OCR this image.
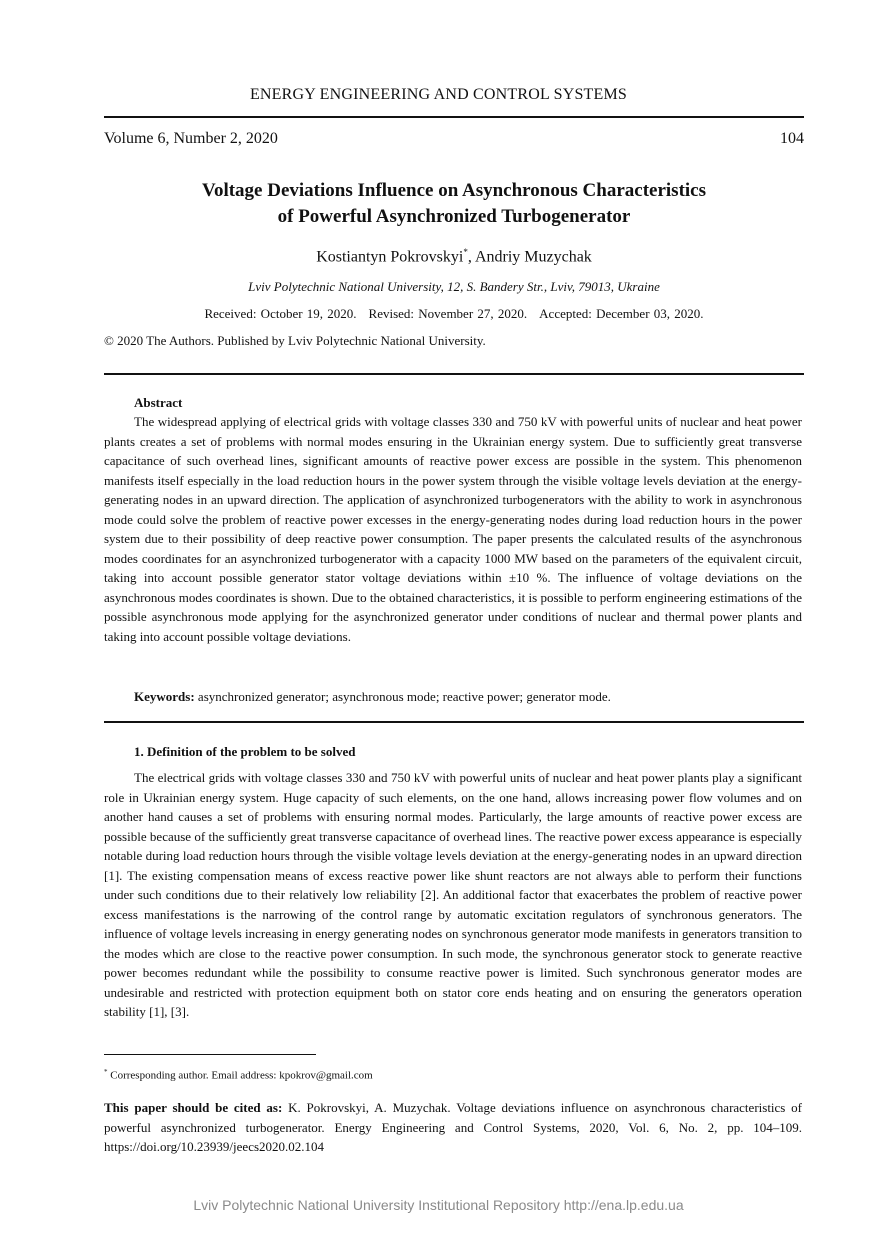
ENERGY ENGINEERING AND CONTROL SYSTEMS
Volume 6, Number 2, 2020	104
Voltage Deviations Influence on Asynchronous Characteristics
of Powerful Asynchronized Turbogenerator
Kostiantyn Pokrovskyi*, Andriy Muzychak
Lviv Polytechnic National University, 12, S. Bandery Str., Lviv, 79013, Ukraine
Received: October 19, 2020. Revised: November 27, 2020. Accepted: December 03, 2020.
© 2020 The Authors. Published by Lviv Polytechnic National University.
Abstract

The widespread applying of electrical grids with voltage classes 330 and 750 kV with powerful units of nuclear and heat power plants creates a set of problems with normal modes ensuring in the Ukrainian energy system. Due to sufficiently great transverse capacitance of such overhead lines, significant amounts of reactive power excess are possible in the system. This phenomenon manifests itself especially in the load reduction hours in the power system through the visible voltage levels deviation at the energy-generating nodes in an upward direction. The application of asynchronized turbogenerators with the ability to work in asynchronous mode could solve the problem of reactive power excesses in the energy-generating nodes during load reduction hours in the power system due to their possibility of deep reactive power consumption. The paper presents the calculated results of the asynchronous modes coordinates for an asynchronized turbogenerator with a capacity 1000 MW based on the parameters of the equivalent circuit, taking into account possible generator stator voltage deviations within ±10 %. The influence of voltage deviations on the asynchronous modes coordinates is shown. Due to the obtained characteristics, it is possible to perform engineering estimations of the possible asynchronous mode applying for the asynchronized generator under conditions of nuclear and thermal power plants and taking into account possible voltage deviations.

Keywords: asynchronized generator; asynchronous mode; reactive power; generator mode.
1. Definition of the problem to be solved

The electrical grids with voltage classes 330 and 750 kV with powerful units of nuclear and heat power plants play a significant role in Ukrainian energy system. Huge capacity of such elements, on the one hand, allows increasing power flow volumes and on another hand causes a set of problems with ensuring normal modes. Particularly, the large amounts of reactive power excess are possible because of the sufficiently great transverse capacitance of overhead lines. The reactive power excess appearance is especially notable during load reduction hours through the visible voltage levels deviation at the energy-generating nodes in an upward direction [1]. The existing compensation means of excess reactive power like shunt reactors are not always able to perform their functions under such conditions due to their relatively low reliability [2]. An additional factor that exacerbates the problem of reactive power excess manifestations is the narrowing of the control range by automatic excitation regulators of synchronous generators. The influence of voltage levels increasing in energy generating nodes on synchronous generator mode manifests in generators transition to the modes which are close to the reactive power consumption. In such mode, the synchronous generator stock to generate reactive power becomes redundant while the possibility to consume reactive power is limited. Such synchronous generator modes are undesirable and restricted with protection equipment both on stator core ends heating and on ensuring the generators operation stability [1], [3].

* Corresponding author. Email address: kpokrov@gmail.com

This paper should be cited as: K. Pokrovskyi, A. Muzychak. Voltage deviations influence on asynchronous characteristics of powerful asynchronized turbogenerator. Energy Engineering and Control Systems, 2020, Vol. 6, No. 2, pp. 104–109. https://doi.org/10.23939/jeecs2020.02.104

Lviv Polytechnic National University Institutional Repository http://ena.lp.edu.ua
